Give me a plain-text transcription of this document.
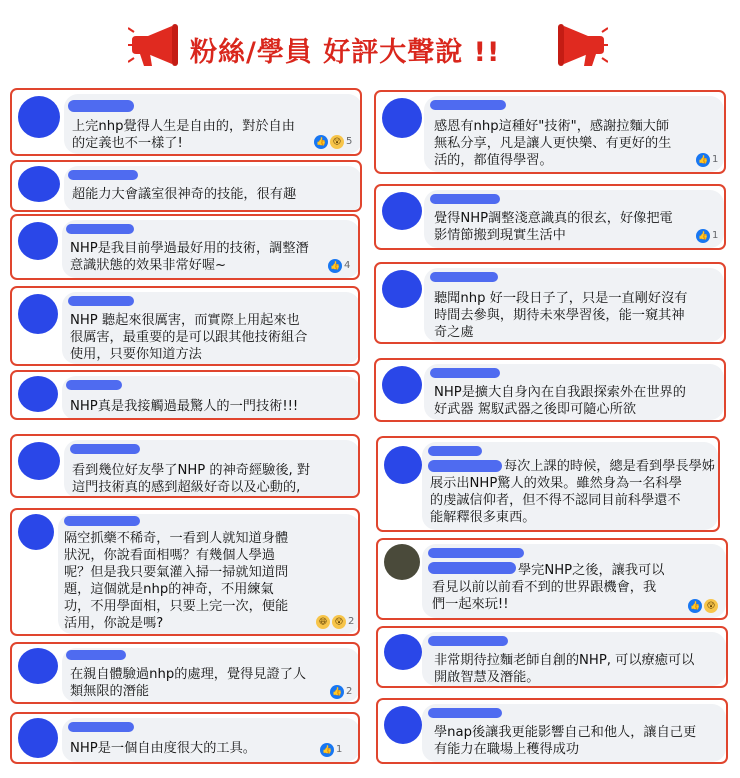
粉絲/學員 好評大聲說 !!
上完nhp覺得人生是自由的，對於自由
的定義也不一樣了!	👍 😮 5
超能力大會議室很神奇的技能，很有趣
NHP是我目前學過最好用的技術，調整潛
意識狀態的效果非常好喔~	👍 4
NHP 聽起來很厲害，而實際上用起來也
很厲害，最重要的是可以跟其他技術組合
使用，只要你知道方法
NHP真是我接觸過最驚人的一門技術!!!
看到幾位好友學了NHP 的神奇經驗後, 對
這門技術真的感到超級好奇以及心動的,
隔空抓藥不稀奇，一看到人就知道身體
狀況，你說看面相嗎？有幾個人學過
呢？但是我只要氣灌入掃一掃就知道問
題，這個就是nhp的神奇，不用練氣
功，不用學面相，只要上完一次，便能
活用，你說是嗎?	😆 😮 2
在親自體驗過nhp的處理，覺得見證了人
類無限的潛能	👍 2
NHP是一個自由度很大的工具。	👍 1
感恩有nhp這種好"技術"，感謝拉麵大師
無私分享，凡是讓人更快樂、有更好的生
活的，都值得學習。	👍 1
覺得NHP調整淺意識真的很玄，好像把電
影情節搬到現實生活中	👍 1
聽聞nhp 好一段日子了，只是一直剛好沒有
時間去參與，期待未來學習後，能一窺其神
奇之處
NHP是擴大自身內在自我跟探索外在世界的
好武器 駕馭武器之後即可隨心所欲
每次上課的時候，總是看到學長學姊
展示出NHP驚人的效果。雖然身為一名科學
的虔誠信仰者，但不得不認同目前科學還不
能解釋很多東西。
學完NHP之後，讓我可以
看見以前以前看不到的世界跟機會，我
們一起來玩!!	👍 😮
非常期待拉麵老師自創的NHP, 可以療癒可以
開啟智慧及潛能。
學nap後讓我更能影響自己和他人，讓自己更
有能力在職場上穫得成功
